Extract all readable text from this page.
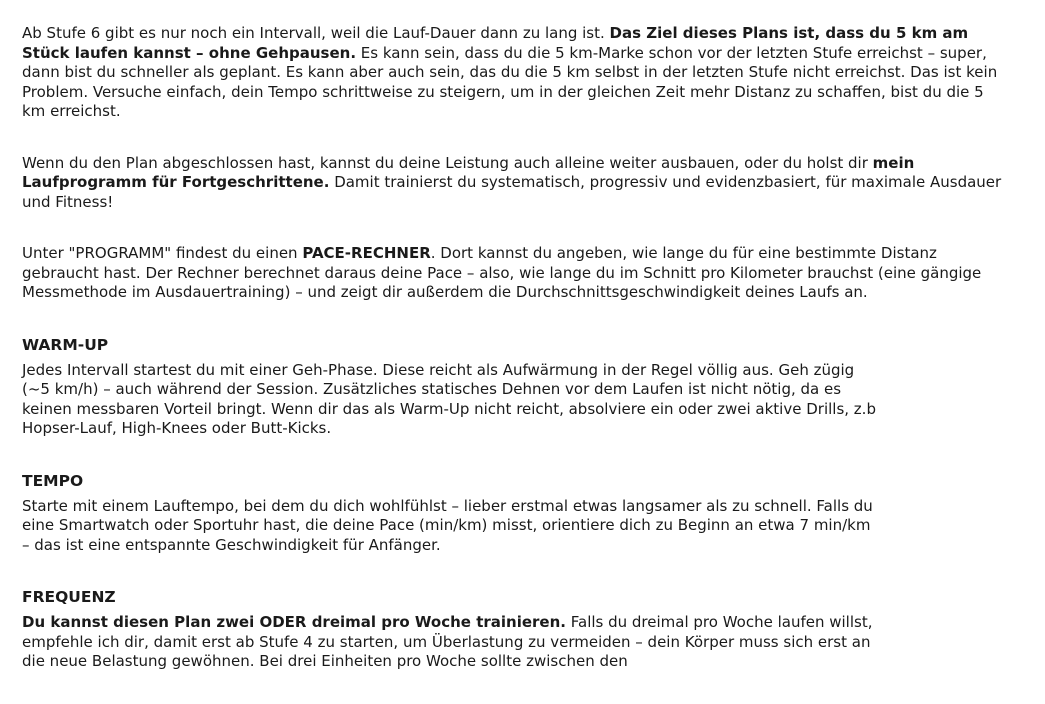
Ab Stufe 6 gibt es nur noch ein Intervall, weil die Lauf-Dauer dann zu lang ist. Das Ziel dieses Plans ist, dass du 5 km am Stück laufen kannst – ohne Gehpausen. Es kann sein, dass du die 5 km-Marke schon vor der letzten Stufe erreichst – super, dann bist du schneller als geplant. Es kann aber auch sein, das du die 5 km selbst in der letzten Stufe nicht erreichst. Das ist kein Problem. Versuche einfach, dein Tempo schrittweise zu steigern, um in der gleichen Zeit mehr Distanz zu schaffen, bist du die 5 km erreichst.

Wenn du den Plan abgeschlossen hast, kannst du deine Leistung auch alleine weiter ausbauen, oder du holst dir mein Laufprogramm für Fortgeschrittene. Damit trainierst du systematisch, progressiv und evidenzbasiert, für maximale Ausdauer und Fitness!

Unter "PROGRAMM" findest du einen PACE-RECHNER. Dort kannst du angeben, wie lange du für eine bestimmte Distanz gebraucht hast. Der Rechner berechnet daraus deine Pace – also, wie lange du im Schnitt pro Kilometer brauchst (eine gängige Messmethode im Ausdauertraining) – und zeigt dir außerdem die Durchschnittsgeschwindigkeit deines Laufs an.

WARM-UP

Jedes Intervall startest du mit einer Geh-Phase. Diese reicht als Aufwärmung in der Regel völlig aus. Geh zügig (~5 km/h) – auch während der Session. Zusätzliches statisches Dehnen vor dem Laufen ist nicht nötig, da es keinen messbaren Vorteil bringt. Wenn dir das als Warm-Up nicht reicht, absolviere ein oder zwei aktive Drills, z.b Hopser-Lauf, High-Knees oder Butt-Kicks.

TEMPO

Starte mit einem Lauftempo, bei dem du dich wohlfühlst – lieber erstmal etwas langsamer als zu schnell. Falls du eine Smartwatch oder Sportuhr hast, die deine Pace (min/km) misst, orientiere dich zu Beginn an etwa 7 min/km – das ist eine entspannte Geschwindigkeit für Anfänger.

FREQUENZ

Du kannst diesen Plan zwei ODER dreimal pro Woche trainieren. Falls du dreimal pro Woche laufen willst, empfehle ich dir, damit erst ab Stufe 4 zu starten, um Überlastung zu vermeiden – dein Körper muss sich erst an die neue Belastung gewöhnen. Bei drei Einheiten pro Woche sollte zwischen den
